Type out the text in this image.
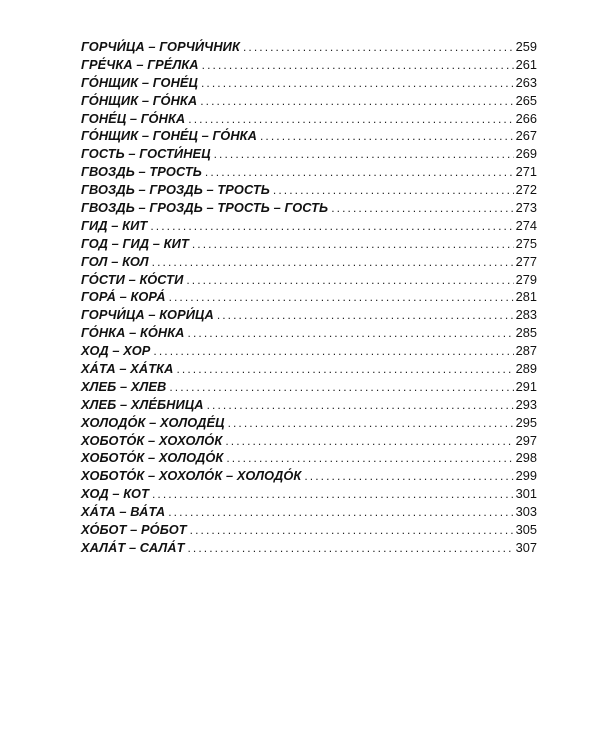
ГОРЧИ́ЦА – ГОРЧИ́ЧНИК .....	259
ГРЕ́ЧКА – ГРЕ́ЛКА .....	261
ГО́НЩИК – ГОНЕ́Ц .....	263
ГО́НЩИК – ГО́НКА .....	265
ГОНЕ́Ц – ГО́НКА .....	266
ГО́НЩИК – ГОНЕ́Ц – ГО́НКА .....	267
ГОСТЬ – ГОСТИ́НЕЦ .....	269
ГВОЗДЬ – ТРОСТЬ .....	271
ГВОЗДЬ – ГРОЗДЬ – ТРОСТЬ .....	272
ГВОЗДЬ – ГРОЗДЬ – ТРОСТЬ – ГОСТЬ .....	273
ГИД – КИТ .....	274
ГОД – ГИД – КИТ .....	275
ГОЛ – КОЛ .....	277
ГО́СТИ – КО́СТИ .....	279
ГОРА́ – КОРА́ .....	281
ГОРЧИ́ЦА – КОРИ́ЦА .....	283
ГО́НКА – КО́НКА .....	285
ХОД – ХОР .....	287
ХА́ТА – ХА́ТКА .....	289
ХЛЕБ – ХЛЕВ .....	291
ХЛЕБ – ХЛЕ́БНИЦА .....	293
ХОЛОДО́К – ХОЛОДЕ́Ц .....	295
ХОБОТО́К – ХОХОЛО́К .....	297
ХОБОТО́К – ХОЛОДО́К .....	298
ХОБОТО́К – ХОХОЛО́К – ХОЛОДО́К .....	299
ХОД – КОТ .....	301
ХА́ТА – ВА́ТА .....	303
ХО́БОТ – РО́БОТ .....	305
ХАЛА́Т – САЛА́Т .....	307
